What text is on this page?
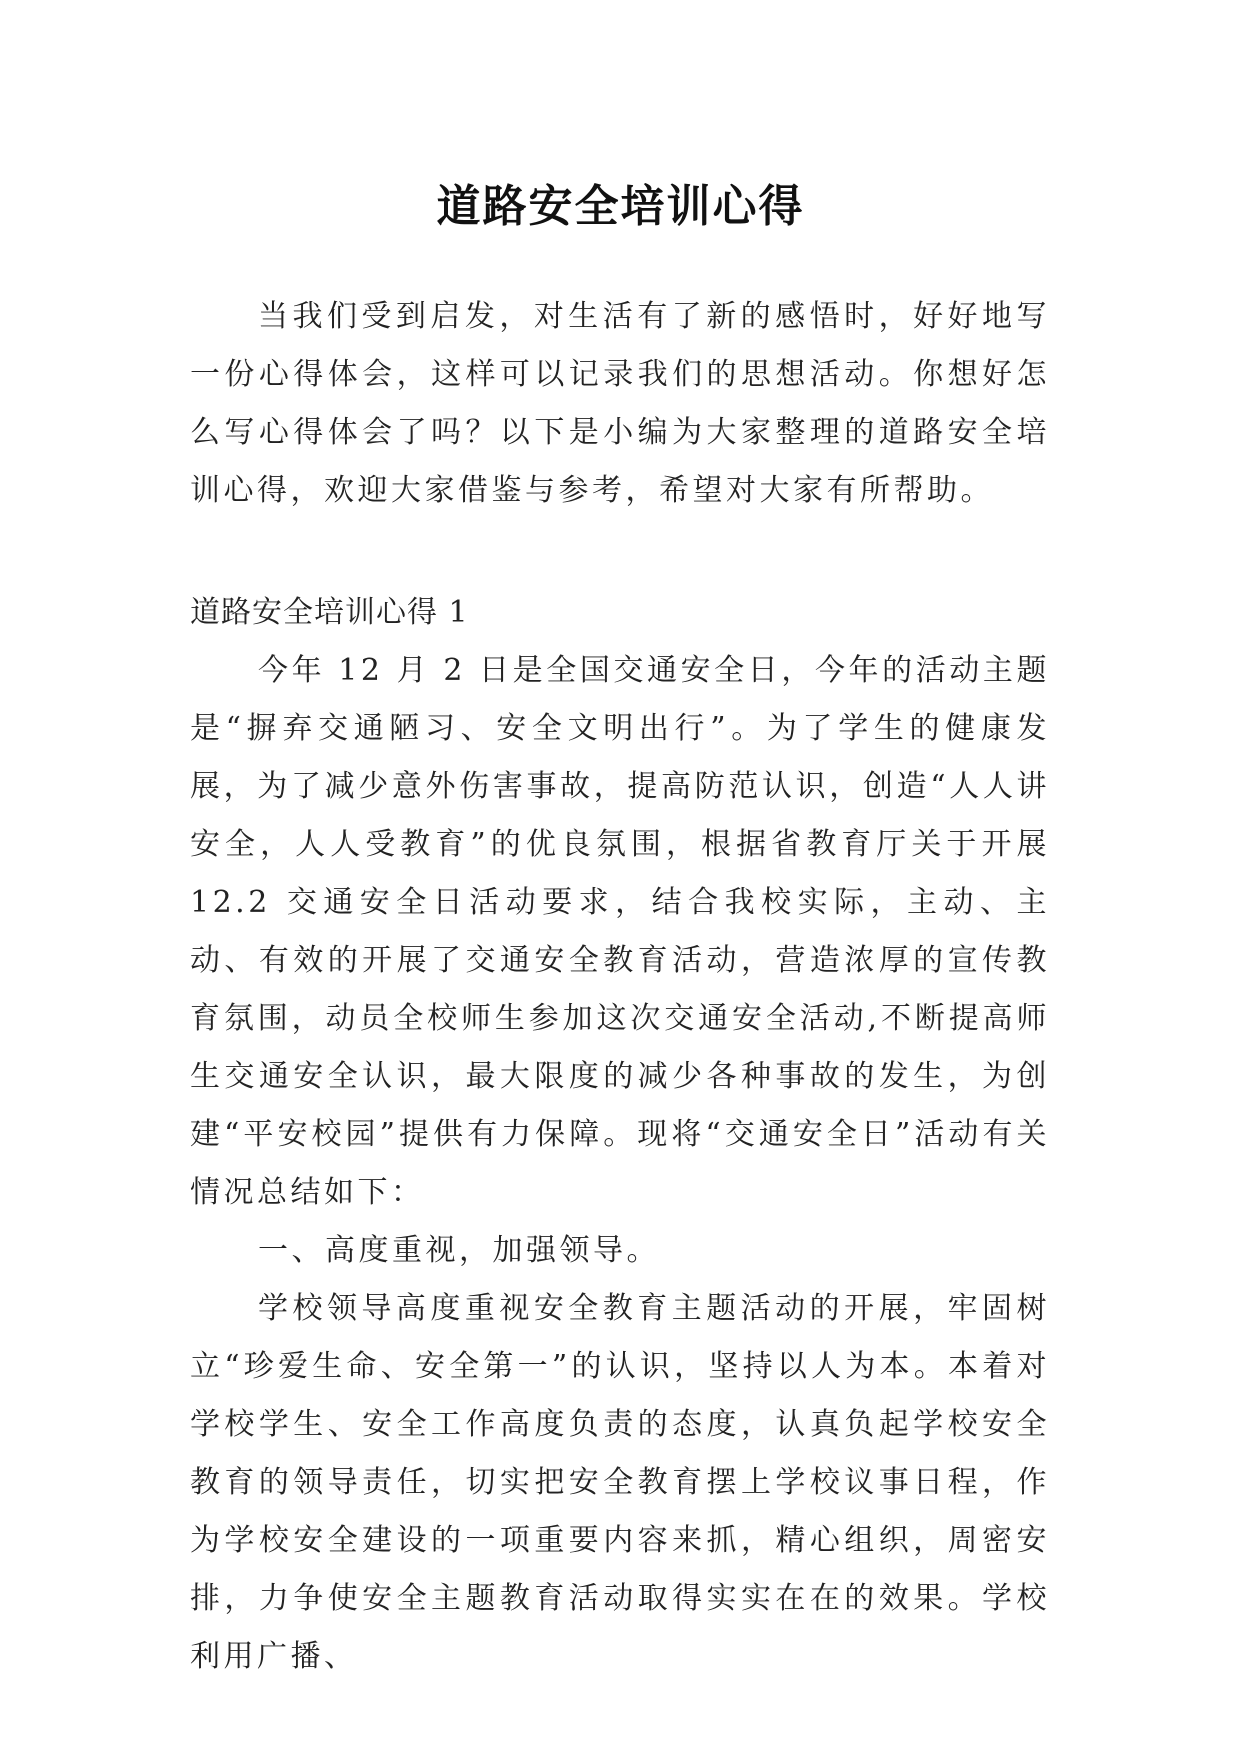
道路安全培训心得

当我们受到启发，对生活有了新的感悟时，好好地写一份心得体会，这样可以记录我们的思想活动。你想好怎么写心得体会了吗？以下是小编为大家整理的道路安全培训心得，欢迎大家借鉴与参考，希望对大家有所帮助。

道路安全培训心得 1

今年 12 月 2 日是全国交通安全日，今年的活动主题是“摒弃交通陋习、安全文明出行”。为了学生的健康发展，为了减少意外伤害事故，提高防范认识，创造“人人讲安全，人人受教育”的优良氛围，根据省教育厅关于开展 12.2 交通安全日活动要求，结合我校实际，主动、主动、有效的开展了交通安全教育活动，营造浓厚的宣传教育氛围，动员全校师生参加这次交通安全活动,不断提高师生交通安全认识，最大限度的减少各种事故的发生，为创建“平安校园”提供有力保障。现将“交通安全日”活动有关情况总结如下：

一、高度重视，加强领导。

学校领导高度重视安全教育主题活动的开展，牢固树立“珍爱生命、安全第一”的认识，坚持以人为本。本着对学校学生、安全工作高度负责的态度，认真负起学校安全教育的领导责任，切实把安全教育摆上学校议事日程，作为学校安全建设的一项重要内容来抓，精心组织，周密安排，力争使安全主题教育活动取得实实在在的效果。学校利用广播、
